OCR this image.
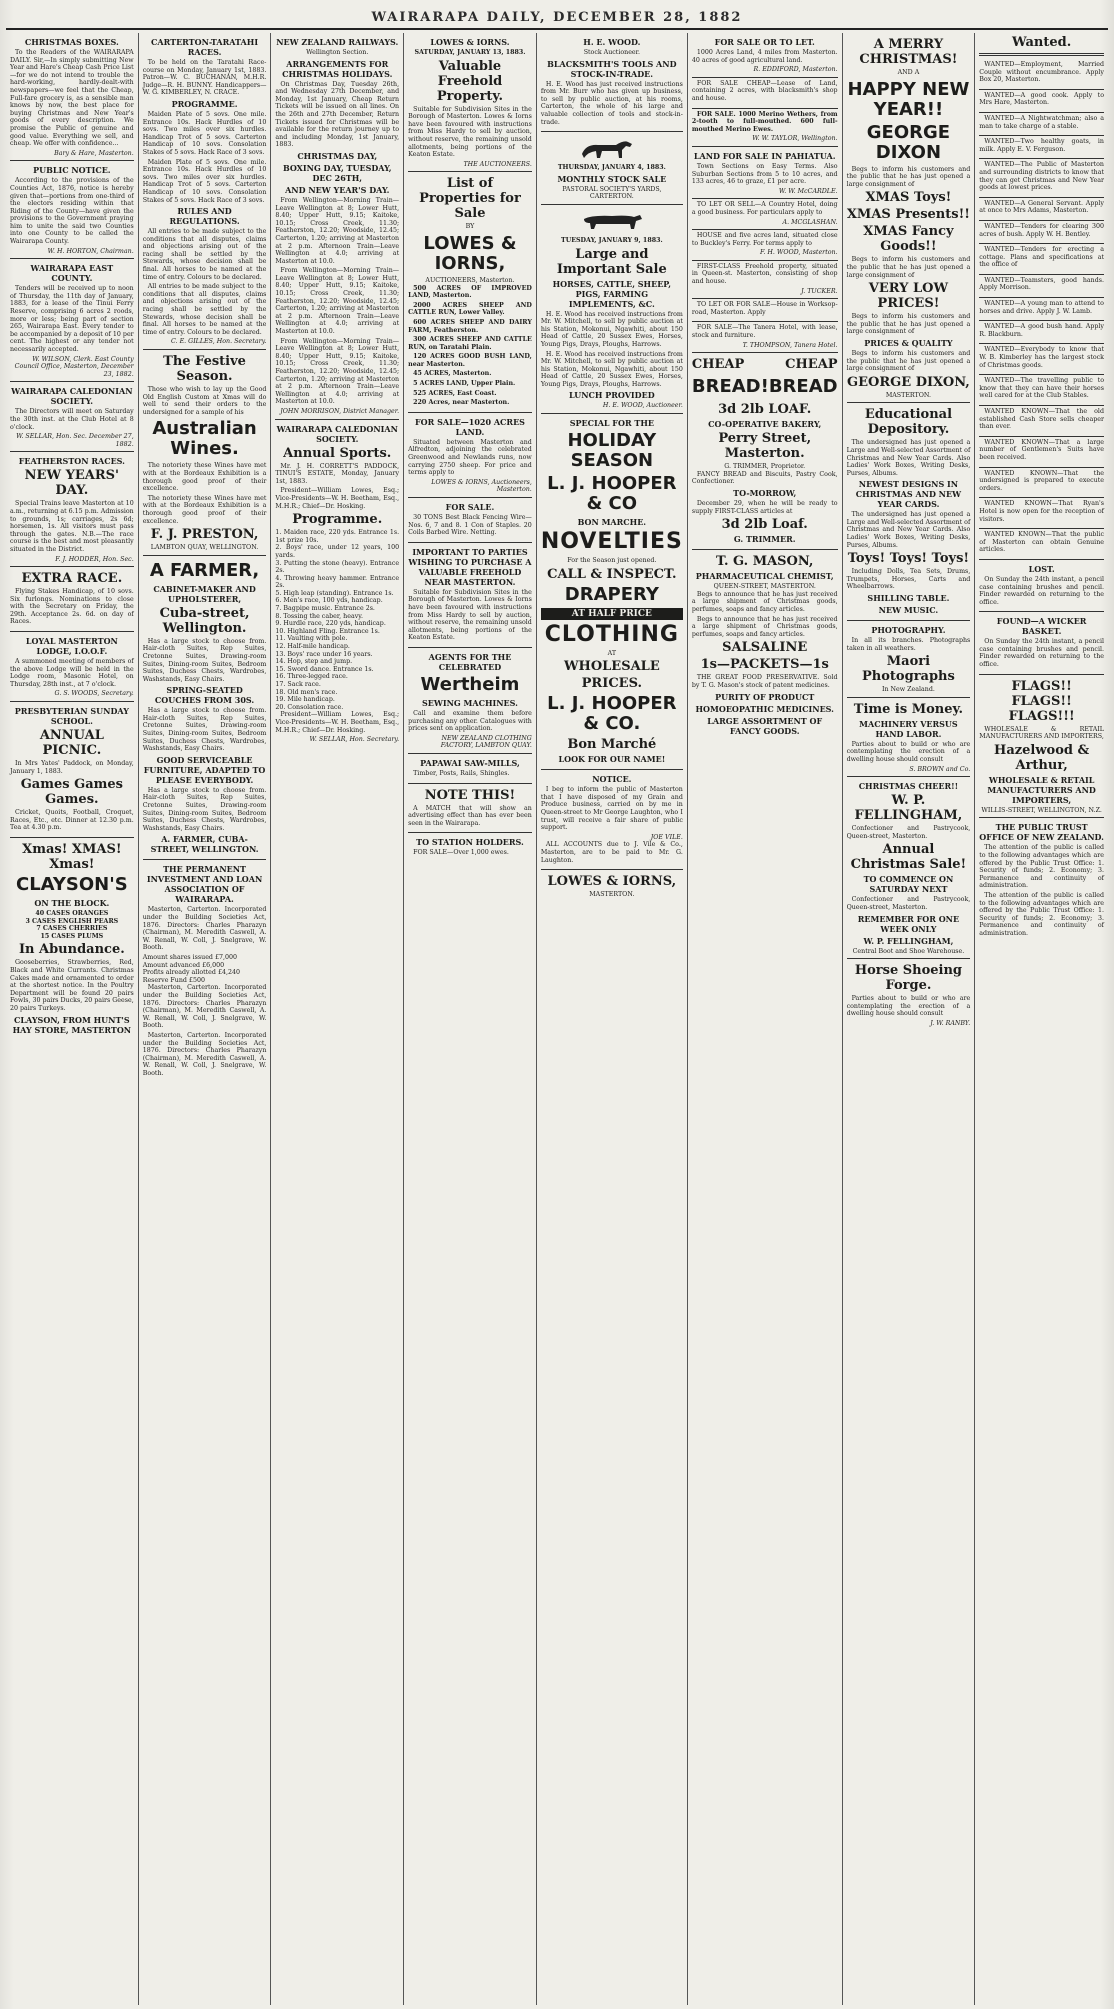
WAIRARAPA DAILY, DECEMBER 28, 1882
CHRISTMAS BOXES.

To the Readers of the WAIRARAPA DAILY. Sir,—In simply submitting New Year and Hare's Cheap Cash Price List—for we do not intend to trouble the hard-working, hardly-dealt-with newspapers—we feel that the Cheap, Full-fare grocery is, as a sensible man knows by now, the best place for buying Christmas and New Year's goods of every description. We promise the Public of genuine and good value. Everything we sell, and cheap. We offer with confidence...

Bary & Hare, Masterton.
PUBLIC NOTICE.

According to the provisions of the Counties Act, 1876, notice is hereby given that—portions from one-third of the electors residing within that Riding of the County—have given the provisions to the Government praying him to unite the said two Counties into one County to be called the Wairarapa County.

W. H. HORTON, Chairman.
WAIRARAPA EAST COUNTY.

Tenders will be received up to noon of Thursday, the 11th day of January, 1883, for a lease of the Tinui Ferry Reserve, comprising 6 acres 2 roods, more or less; being part of section 265, Wairarapa East. Every tender to be accompanied by a deposit of 10 per cent. The highest or any tender not necessarily accepted.

W. WILSON, Clerk. East County Council Office, Masterton, December 23, 1882.
WAIRARAPA CALEDONIAN SOCIETY.

The Directors will meet on Saturday the 30th inst. at the Club Hotel at 8 o'clock.

W. SELLAR, Hon. Sec. December 27, 1882.
FEATHERSTON RACES.
NEW YEARS' DAY.

Special Trains leave Masterton at 10 a.m., returning at 6.15 p.m. Admission to grounds, 1s; carriages, 2s 6d; horsemen, 1s. All visitors must pass through the gates. N.B.—The race course is the best and most pleasantly situated in the District.

F. J. HODDER, Hon. Sec.
EXTRA RACE.

Flying Stakes Handicap, of 10 sovs. Six furlongs. Nominations to close with the Secretary on Friday, the 29th. Acceptance 2s. 6d. on day of Races.

LOYAL MASTERTON LODGE, I.O.O.F.

A summoned meeting of members of the above Lodge will be held in the Lodge room, Masonic Hotel, on Thursday, 28th inst., at 7 o'clock.

G. S. WOODS, Secretary.
PRESBYTERIAN SUNDAY SCHOOL.
ANNUAL PICNIC.

In Mrs Yates' Paddock, on Monday, January 1, 1883.

Games Games Games.

Cricket, Quoits, Football, Croquet, Races, Etc., etc. Dinner at 12.30 p.m. Tea at 4.30 p.m.

Xmas! XMAS! Xmas!
CLAYSON'S
ON THE BLOCK.
40 CASES ORANGES
3 CASES ENGLISH PEARS
7 CASES CHERRIES
15 CASES PLUMS
In Abundance.

Gooseberries, Strawberries, Red, Black and White Currants. Christmas Cakes made and ornamented to order at the shortest notice. In the Poultry Department will be found 20 pairs Fowls, 30 pairs Ducks, 20 pairs Geese, 20 pairs Turkeys.

CLAYSON, FROM HUNT'S HAY STORE, MASTERTON
CARTERTON-TARATAHI RACES.

To be held on the Taratahi Race-course on Monday, January 1st, 1883. Patron—W. C. BUCHANAN, M.H.R. Judge—R. H. BUNNY. Handicappers—W. G. KIMBERLEY, N. CRACE.

PROGRAMME.

Maiden Plate of 5 sovs. One mile. Entrance 10s. Hack Hurdles of 10 sovs. Two miles over six hurdles. Handicap Trot of 5 sovs. Carterton Handicap of 10 sovs. Consolation Stakes of 5 sovs. Hack Race of 3 sovs.

Maiden Plate of 5 sovs. One mile. Entrance 10s. Hack Hurdles of 10 sovs. Two miles over six hurdles. Handicap Trot of 5 sovs. Carterton Handicap of 10 sovs. Consolation Stakes of 5 sovs. Hack Race of 3 sovs.

RULES AND REGULATIONS.

All entries to be made subject to the conditions that all disputes, claims and objections arising out of the racing shall be settled by the Stewards, whose decision shall be final. All horses to be named at the time of entry. Colours to be declared.

All entries to be made subject to the conditions that all disputes, claims and objections arising out of the racing shall be settled by the Stewards, whose decision shall be final. All horses to be named at the time of entry. Colours to be declared.

C. E. GILLES, Hon. Secretary.
The Festive Season.

Those who wish to lay up the Good Old English Custom at Xmas will do well to send their orders to the undersigned for a sample of his

Australian Wines.

The notoriety these Wines have met with at the Bordeaux Exhibition is a thorough good proof of their excellence.

The notoriety these Wines have met with at the Bordeaux Exhibition is a thorough good proof of their excellence.

F. J. PRESTON,
LAMBTON QUAY, WELLINGTON.
A FARMER,
CABINET-MAKER AND UPHOLSTERER,
Cuba-street, Wellington.

Has a large stock to choose from. Hair-cloth Suites, Rep Suites, Cretonne Suites, Drawing-room Suites, Dining-room Suites, Bedroom Suites, Duchess Chests, Wardrobes, Washstands, Easy Chairs.

SPRING-SEATED COUCHES FROM 30S.

Has a large stock to choose from. Hair-cloth Suites, Rep Suites, Cretonne Suites, Drawing-room Suites, Dining-room Suites, Bedroom Suites, Duchess Chests, Wardrobes, Washstands, Easy Chairs.

GOOD SERVICEABLE FURNITURE, ADAPTED TO PLEASE EVERYBODY.

Has a large stock to choose from. Hair-cloth Suites, Rep Suites, Cretonne Suites, Drawing-room Suites, Dining-room Suites, Bedroom Suites, Duchess Chests, Wardrobes, Washstands, Easy Chairs.

A. FARMER, CUBA-STREET, WELLINGTON.
THE PERMANENT INVESTMENT AND LOAN ASSOCIATION OF WAIRARAPA.

Masterton, Carterton. Incorporated under the Building Societies Act, 1876. Directors: Charles Pharazyn (Chairman), M. Meredith Caswell, A. W. Renall, W. Coll, J. Snelgrave, W. Booth.

Amount shares issued £7,000
Amount advanced £6,000
Profits already allotted £4,240
Reserve Fund £500

Masterton, Carterton. Incorporated under the Building Societies Act, 1876. Directors: Charles Pharazyn (Chairman), M. Meredith Caswell, A. W. Renall, W. Coll, J. Snelgrave, W. Booth.

Masterton, Carterton. Incorporated under the Building Societies Act, 1876. Directors: Charles Pharazyn (Chairman), M. Meredith Caswell, A. W. Renall, W. Coll, J. Snelgrave, W. Booth.

NEW ZEALAND RAILWAYS.
Wellington Section.
ARRANGEMENTS FOR CHRISTMAS HOLIDAYS.

On Christmas Day, Tuesday 26th, and Wednesday 27th December, and Monday, 1st January, Cheap Return Tickets will be issued on all lines. On the 26th and 27th December, Return Tickets issued for Christmas will be available for the return journey up to and including Monday, 1st January, 1883.

CHRISTMAS DAY,
BOXING DAY, TUESDAY, DEC 26TH,
AND NEW YEAR'S DAY.

From Wellington—Morning Train—Leave Wellington at 8; Lower Hutt, 8.40; Upper Hutt, 9.15; Kaitoke, 10.15; Cross Creek, 11.30; Featherston, 12.20; Woodside, 12.45; Carterton, 1.20; arriving at Masterton at 2 p.m. Afternoon Train—Leave Wellington at 4.0; arriving at Masterton at 10.0.

From Wellington—Morning Train—Leave Wellington at 8; Lower Hutt, 8.40; Upper Hutt, 9.15; Kaitoke, 10.15; Cross Creek, 11.30; Featherston, 12.20; Woodside, 12.45; Carterton, 1.20; arriving at Masterton at 2 p.m. Afternoon Train—Leave Wellington at 4.0; arriving at Masterton at 10.0.

From Wellington—Morning Train—Leave Wellington at 8; Lower Hutt, 8.40; Upper Hutt, 9.15; Kaitoke, 10.15; Cross Creek, 11.30; Featherston, 12.20; Woodside, 12.45; Carterton, 1.20; arriving at Masterton at 2 p.m. Afternoon Train—Leave Wellington at 4.0; arriving at Masterton at 10.0.

JOHN MORRISON, District Manager.
WAIRARAPA CALEDONIAN SOCIETY.
Annual Sports.

Mr. J. H. CORRETT'S PADDOCK, TINUI'S ESTATE, Monday, January 1st, 1883.

President—William Lowes, Esq.; Vice-Presidents—W. H. Beetham, Esq., M.H.R.; Chief—Dr. Hosking.

Programme.
1. Maiden race, 220 yds. Entrance 1s. 1st prize 10s.
2. Boys' race, under 12 years, 100 yards.
3. Putting the stone (heavy). Entrance 2s.
4. Throwing heavy hammer. Entrance 2s.
5. High leap (standing). Entrance 1s.
6. Men's race, 100 yds, handicap.
7. Bagpipe music. Entrance 2s.
8. Tossing the caber, heavy.
9. Hurdle race, 220 yds, handicap.
10. Highland Fling. Entrance 1s.
11. Vaulting with pole.
12. Half-mile handicap.
13. Boys' race under 16 years.
14. Hop, step and jump.
15. Sword dance. Entrance 1s.
16. Three-legged race.
17. Sack race.
18. Old men's race.
19. Mile handicap.
20. Consolation race.

President—William Lowes, Esq.; Vice-Presidents—W. H. Beetham, Esq., M.H.R.; Chief—Dr. Hosking.

W. SELLAR, Hon. Secretary.
LOWES & IORNS.
SATURDAY, JANUARY 13, 1883.
Valuable Freehold Property.

Suitable for Subdivision Sites in the Borough of Masterton. Lowes & Iorns have been favoured with instructions from Miss Hardy to sell by auction, without reserve, the remaining unsold allotments, being portions of the Keaton Estate.

THE AUCTIONEERS.
List of Properties for Sale
BY
LOWES & IORNS,
AUCTIONEERS, Masterton.

500 ACRES OF IMPROVED LAND, Masterton.

2000 ACRES SHEEP AND CATTLE RUN, Lower Valley.

600 ACRES SHEEP AND DAIRY FARM, Featherston.

300 ACRES SHEEP AND CATTLE RUN, on Taratahi Plain.

120 ACRES GOOD BUSH LAND, near Masterton.

45 ACRES, Masterton.

5 ACRES LAND, Upper Plain.

525 ACRES, East Coast.

220 Acres, near Masterton.

FOR SALE—1020 ACRES LAND.

Situated between Masterton and Alfredton, adjoining the celebrated Greenwood and Newlands runs, now carrying 2750 sheep. For price and terms apply to

LOWES & IORNS, Auctioneers, Masterton.
FOR SALE.

30 TONS Best Black Fencing Wire—Nos. 6, 7 and 8. 1 Con of Staples. 20 Coils Barbed Wire. Netting.

IMPORTANT TO PARTIES WISHING TO PURCHASE A VALUABLE FREEHOLD NEAR MASTERTON.

Suitable for Subdivision Sites in the Borough of Masterton. Lowes & Iorns have been favoured with instructions from Miss Hardy to sell by auction, without reserve, the remaining unsold allotments, being portions of the Keaton Estate.

AGENTS FOR THE CELEBRATED
Wertheim
SEWING MACHINES.

Call and examine them before purchasing any other. Catalogues with prices sent on application.

NEW ZEALAND CLOTHING FACTORY, LAMBTON QUAY.
PAPAWAI SAW-MILLS,

Timber, Posts, Rails, Shingles.

NOTE THIS!

A MATCH that will show an advertising effect than has ever been seen in the Wairarapa.

TO STATION HOLDERS.

FOR SALE—Over 1,000 ewes.

H. E. WOOD.
Stock Auctioneer.
BLACKSMITH'S TOOLS AND STOCK-IN-TRADE.

H. E. Wood has just received instructions from Mr. Burr who has given up business, to sell by public auction, at his rooms, Carterton, the whole of his large and valuable collection of tools and stock-in-trade.

THURSDAY, JANUARY 4, 1883.
MONTHLY STOCK SALE
PASTORAL SOCIETY'S YARDS, CARTERTON.
TUESDAY, JANUARY 9, 1883.
Large and Important Sale
HORSES, CATTLE, SHEEP, PIGS, FARMING IMPLEMENTS, &C.

H. E. Wood has received instructions from Mr. W. Mitchell, to sell by public auction at his Station, Mokonui, Ngawhiti, about 150 Head of Cattle, 20 Sussex Ewes, Horses, Young Pigs, Drays, Ploughs, Harrows.

H. E. Wood has received instructions from Mr. W. Mitchell, to sell by public auction at his Station, Mokonui, Ngawhiti, about 150 Head of Cattle, 20 Sussex Ewes, Horses, Young Pigs, Drays, Ploughs, Harrows.

LUNCH PROVIDED
H. E. WOOD, Auctioneer.
SPECIAL FOR THE
HOLIDAY SEASON
L. J. HOOPER & CO
BON MARCHE.
NOVELTIES
For the Season just opened.
CALL & INSPECT.
DRAPERY
AT HALF PRICE
CLOTHING
AT
WHOLESALE
PRICES.
L. J. HOOPER & CO.
Bon Marché
LOOK FOR OUR NAME!
NOTICE.

I beg to inform the public of Masterton that I have disposed of my Grain and Produce business, carried on by me in Queen-street to Mr George Laughton, who I trust, will receive a fair share of public support.

JOE VILE.

ALL ACCOUNTS due to J. Vile & Co., Masterton, are to be paid to Mr. G. Laughton.

LOWES & IORNS,
MASTERTON.
FOR SALE OR TO LET.

1000 Acres Land, 4 miles from Masterton. 40 acres of good agricultural land.

R. EDDIFORD, Masterton.

FOR SALE CHEAP—Lease of Land, containing 2 acres, with blacksmith's shop and house.

FOR SALE. 1000 Merino Wethers, from 2-tooth to full-mouthed. 600 full-mouthed Merino Ewes.

W. W. TAYLOR, Wellington.
LAND FOR SALE IN PAHIATUA.

Town Sections on Easy Terms. Also Suburban Sections from 5 to 10 acres, and 133 acres, 46 to graze, £1 per acre.

W. W. McCARDLE.

TO LET OR SELL—A Country Hotel, doing a good business. For particulars apply to

A. MCGLASHAN.

HOUSE and five acres land, situated close to Buckley's Ferry. For terms apply to

F. H. WOOD, Masterton.

FIRST-CLASS Freehold property, situated in Queen-st. Masterton, consisting of shop and house.

J. TUCKER.

TO LET OR FOR SALE—House in Worksop-road, Masterton. Apply

FOR SALE—The Tanera Hotel, with lease, stock and furniture.

T. THOMPSON, Tanera Hotel.
CHEAP	CHEAP
BREAD! BREAD
3d 2lb LOAF.
CO-OPERATIVE BAKERY,
Perry Street, Masterton.
G. TRIMMER, Proprietor.

FANCY BREAD and Biscuits, Pastry Cook, Confectioner.

TO-MORROW,

December 29, when he will be ready to supply FIRST-CLASS articles at

3d 2lb Loaf.
G. TRIMMER.
T. G. MASON,
PHARMACEUTICAL CHEMIST,
QUEEN-STREET, MASTERTON.

Begs to announce that he has just received a large shipment of Christmas goods, perfumes, soaps and fancy articles.

Begs to announce that he has just received a large shipment of Christmas goods, perfumes, soaps and fancy articles.

SALSALINE
1s—PACKETS—1s

THE GREAT FOOD PRESERVATIVE. Sold by T. G. Mason's stock of patent medicines.

PURITY OF PRODUCT
HOMOEOPATHIC MEDICINES.
LARGE ASSORTMENT OF FANCY GOODS.
A MERRY CHRISTMAS!
AND A
HAPPY NEW YEAR!!
GEORGE DIXON

Begs to inform his customers and the public that he has just opened a large consignment of

XMAS Toys!
XMAS Presents!!
XMAS Fancy Goods!!

Begs to inform his customers and the public that he has just opened a large consignment of

VERY LOW PRICES!

Begs to inform his customers and the public that he has just opened a large consignment of

PRICES & QUALITY

Begs to inform his customers and the public that he has just opened a large consignment of

GEORGE DIXON,
MASTERTON.
Educational Depository.

The undersigned has just opened a Large and Well-selected Assortment of Christmas and New Year Cards. Also Ladies' Work Boxes, Writing Desks, Purses, Albums.

NEWEST DESIGNS IN CHRISTMAS AND NEW YEAR CARDS.

The undersigned has just opened a Large and Well-selected Assortment of Christmas and New Year Cards. Also Ladies' Work Boxes, Writing Desks, Purses, Albums.

Toys! Toys! Toys!

Including Dolls, Tea Sets, Drums, Trumpets, Horses, Carts and Wheelbarrows.

SHILLING TABLE.
NEW MUSIC.
PHOTOGRAPHY.

In all its branches. Photographs taken in all weathers.

Maori Photographs
In New Zealand.
Time is Money.
MACHINERY VERSUS HAND LABOR.

Parties about to build or who are contemplating the erection of a dwelling house should consult

S. BROWN and Co.
CHRISTMAS CHEER!!
W. P. FELLINGHAM,

Confectioner and Pastrycook, Queen-street, Masterton.

Annual Christmas Sale!
TO COMMENCE ON SATURDAY NEXT

Confectioner and Pastrycook, Queen-street, Masterton.

REMEMBER FOR ONE WEEK ONLY
W. P. FELLINGHAM,
Central Boot and Shoe Warehouse.
Horse Shoeing Forge.

Parties about to build or who are contemplating the erection of a dwelling house should consult

J. W. RANBY.
Wanted.

WANTED—Employment, Married Couple without encumbrance. Apply Box 20, Masterton.

WANTED—A good cook. Apply to Mrs Hare, Masterton.

WANTED—A Nightwatchman; also a man to take charge of a stable.

WANTED—Two healthy goats, in milk. Apply E. V. Ferguson.

WANTED—The Public of Masterton and surrounding districts to know that they can get Christmas and New Year goods at lowest prices.

WANTED—A General Servant. Apply at once to Mrs Adams, Masterton.

WANTED—Tenders for clearing 300 acres of bush. Apply W. H. Bentley.

WANTED—Tenders for erecting a cottage. Plans and specifications at the office of

WANTED—Teamsters, good hands. Apply Morrison.

WANTED—A young man to attend to horses and drive. Apply J. W. Lamb.

WANTED—A good bush hand. Apply R. Blackburn.

WANTED—Everybody to know that W. B. Kimberley has the largest stock of Christmas goods.

WANTED—The travelling public to know that they can have their horses well cared for at the Club Stables.

WANTED KNOWN—That the old established Cash Store sells cheaper than ever.

WANTED KNOWN—That a large number of Gentlemen's Suits have been received.

WANTED KNOWN—That the undersigned is prepared to execute orders.

WANTED KNOWN—That Ryan's Hotel is now open for the reception of visitors.

WANTED KNOWN—That the public of Masterton can obtain Genuine articles.

LOST.

On Sunday the 24th instant, a pencil case containing brushes and pencil. Finder rewarded on returning to the office.

FOUND—A WICKER BASKET.

On Sunday the 24th instant, a pencil case containing brushes and pencil. Finder rewarded on returning to the office.

FLAGS!! FLAGS!! FLAGS!!!

WHOLESALE & RETAIL MANUFACTURERS AND IMPORTERS,

Hazelwood & Arthur,
WHOLESALE & RETAIL MANUFACTURERS AND IMPORTERS,
WILLIS-STREET, WELLINGTON, N.Z.
THE PUBLIC TRUST OFFICE OF NEW ZEALAND.

The attention of the public is called to the following advantages which are offered by the Public Trust Office: 1. Security of funds; 2. Economy; 3. Permanence and continuity of administration.

The attention of the public is called to the following advantages which are offered by the Public Trust Office: 1. Security of funds; 2. Economy; 3. Permanence and continuity of administration.
